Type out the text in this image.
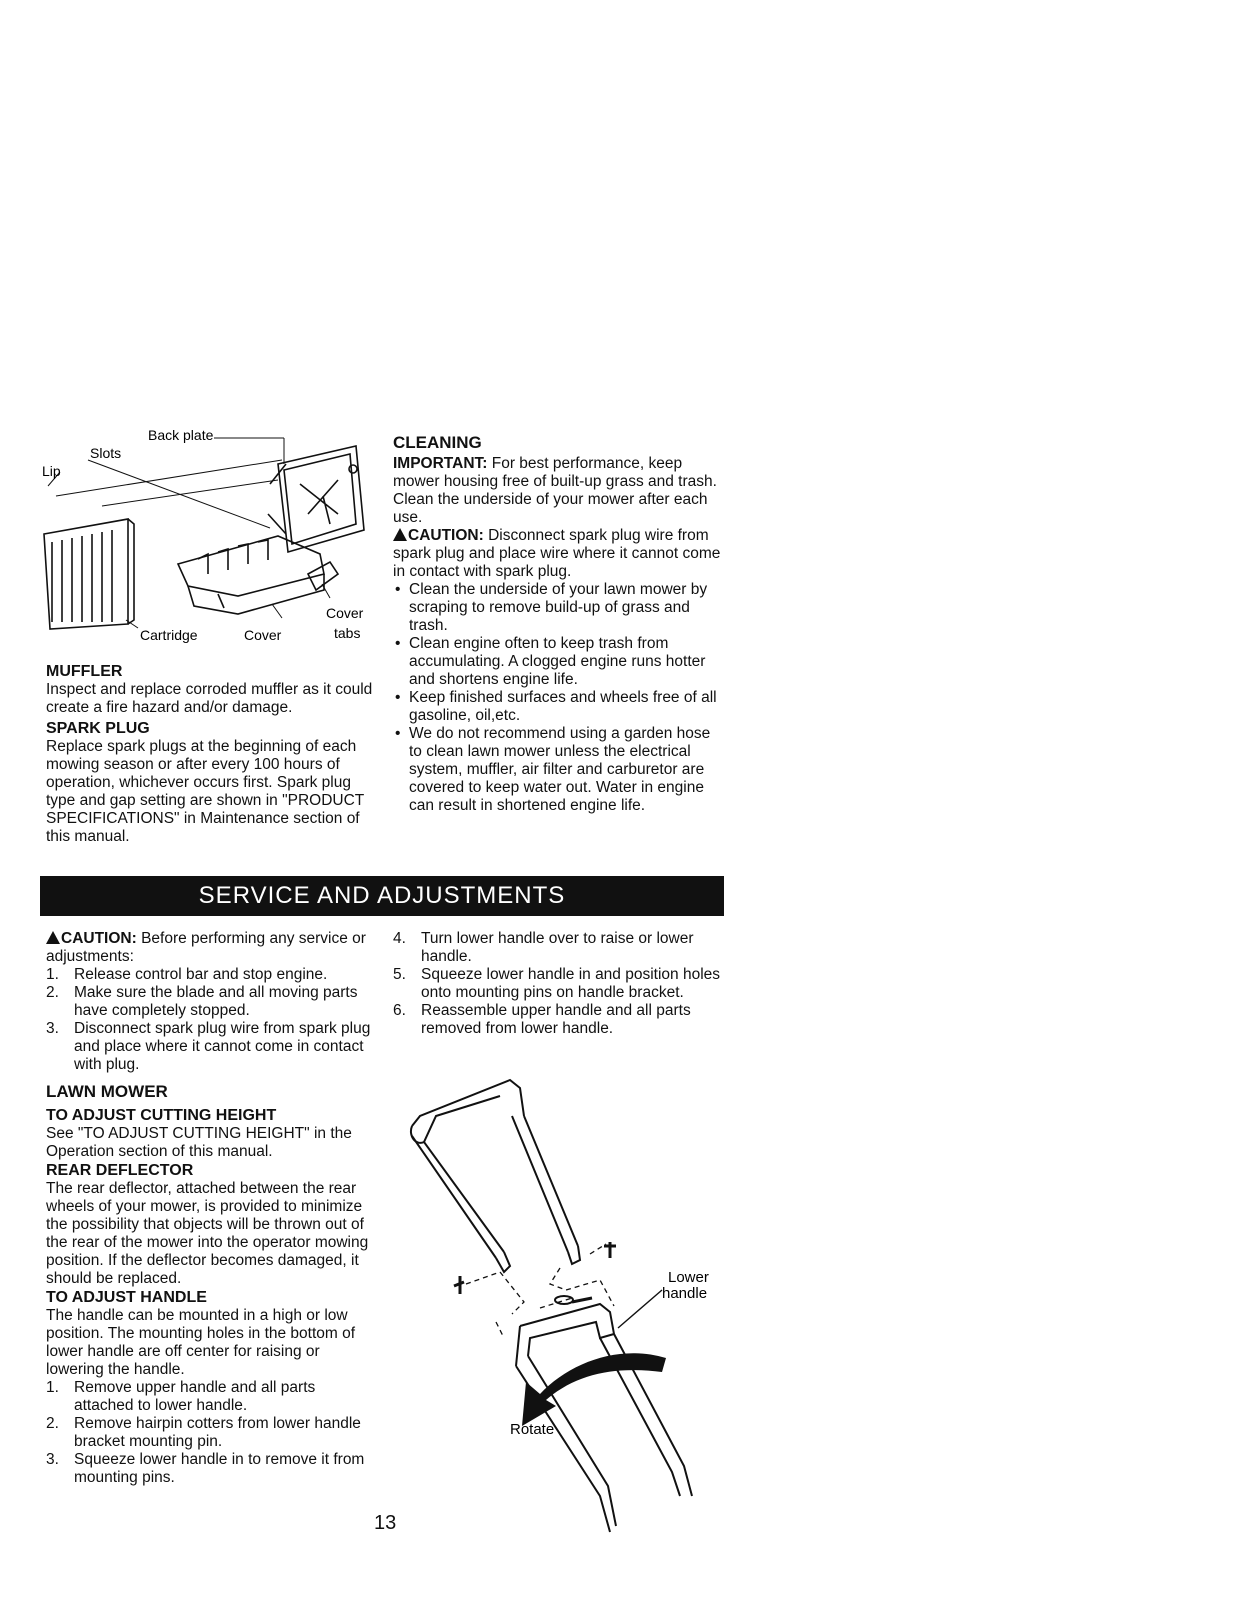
Back plate
Slots
Lip
Cartridge	Cover
Cover
tabs
MUFFLER

Inspect and replace corroded muffler as it could create a fire hazard and/or damage.

SPARK PLUG

Replace spark plugs at the beginning of each mowing season or after every 100 hours of operation, whichever occurs first. Spark plug type and gap setting are shown in "PRODUCT SPECIFICATIONS" in Maintenance section of this manual.

CLEANING

IMPORTANT: For best performance, keep mower housing free of built-up grass and trash. Clean the underside of your mower after each use.

CAUTION: Disconnect spark plug wire from spark plug and place wire where it cannot come in contact with spark plug.

• Clean the underside of your lawn mower by scraping to remove build-up of grass and trash.
• Clean engine often to keep trash from accumulating. A clogged engine runs hotter and shortens engine life.
• Keep finished surfaces and wheels free of all gasoline, oil,etc.
• We do not recommend using a garden hose to clean lawn mower unless the electrical system, muffler, air filter and carburetor are covered to keep water out. Water in engine can result in shortened engine life.
SERVICE AND ADJUSTMENTS

CAUTION: Before performing any service or adjustments:

1. Release control bar and stop engine.
2. Make sure the blade and all moving parts have completely stopped.
3. Disconnect spark plug wire from spark plug and place where it cannot come in contact with plug.
LAWN MOWER
TO ADJUST CUTTING HEIGHT

See "TO ADJUST CUTTING HEIGHT" in the Operation section of this manual.

REAR DEFLECTOR

The rear deflector, attached between the rear wheels of your mower, is provided to minimize the possibility that objects will be thrown out of the rear of the mower into the operator mowing position. If the deflector becomes damaged, it should be replaced.

TO ADJUST HANDLE

The handle can be mounted in a high or low position. The mounting holes in the bottom of lower handle are off center for raising or lowering the handle.

1. Remove upper handle and all parts attached to lower handle.
2. Remove hairpin cotters from lower handle bracket mounting pin.
3. Squeeze lower handle in to remove it from mounting pins.
4. Turn lower handle over to raise or lower handle.
5. Squeeze lower handle in and position holes onto mounting pins on handle bracket.
6. Reassemble upper handle and all parts removed from lower handle.
Lower
handle
Rotate
13
